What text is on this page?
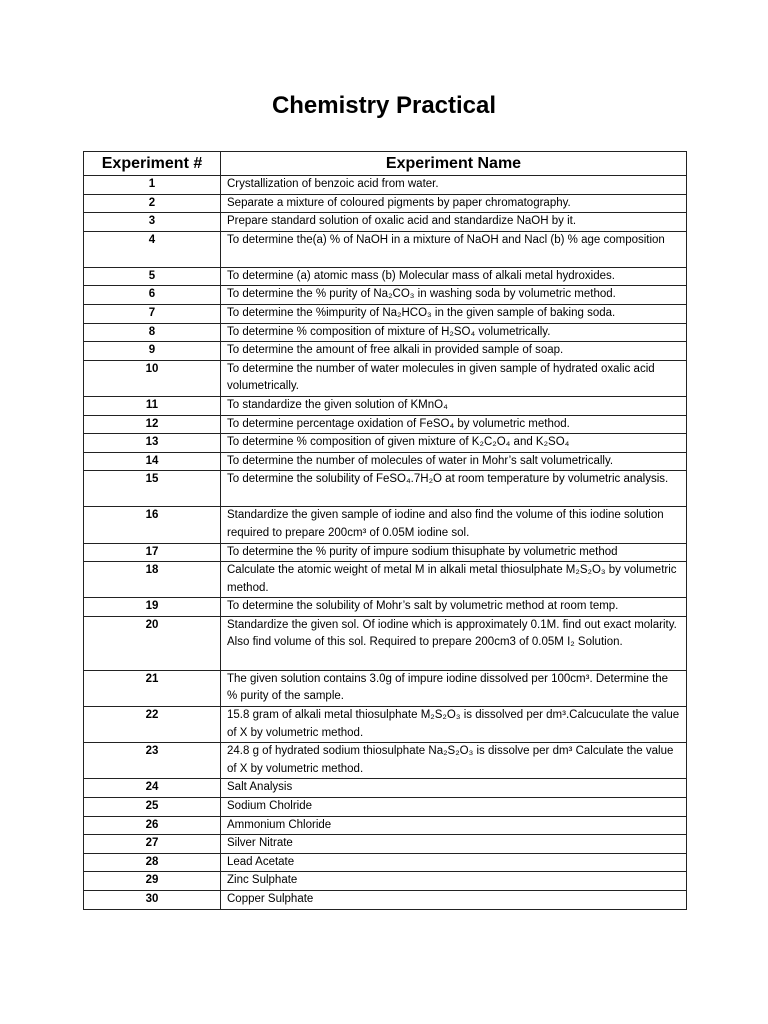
Chemistry Practical
Experiment #	Experiment Name
1	Crystallization of benzoic acid from water.
2	Separate a mixture of coloured pigments by paper chromatography.
3	Prepare standard solution of oxalic acid and standardize NaOH by it.
4	To determine the(a) % of NaOH in a mixture of NaOH and Nacl (b) % age composition
5	To determine (a) atomic mass (b) Molecular mass of alkali metal hydroxides.
6	To determine the % purity of Na₂CO₃ in washing soda by volumetric method.
7	To determine the %impurity of Na₂HCO₃ in the given sample of baking soda.
8	To determine % composition of mixture of H₂SO₄ volumetrically.
9	To determine the amount of free alkali in provided sample of soap.
10	To determine the number of water molecules in given sample of hydrated oxalic acid volumetrically.
11	To standardize the given solution of KMnO₄
12	To determine percentage oxidation of FeSO₄ by volumetric method.
13	To determine % composition of given mixture of K₂C₂O₄ and K₂SO₄
14	To determine the number of molecules of water in Mohr’s salt volumetrically.
15	To determine the solubility of FeSO₄.7H₂O at room temperature by volumetric analysis.
16	Standardize the given sample of iodine and also find the volume of this iodine solution required to prepare 200cm³ of 0.05M iodine sol.
17	To determine the % purity of impure sodium thisuphate by volumetric method
18	Calculate the atomic weight of metal M in alkali metal thiosulphate M₂S₂O₃ by volumetric method.
19	To determine the solubility of Mohr’s salt by volumetric method at room temp.
20	Standardize the given sol. Of iodine which is approximately 0.1M. find out exact molarity. Also find volume of this sol. Required to prepare 200cm3 of 0.05M I₂ Solution.
21	The given solution contains 3.0g of impure iodine dissolved per 100cm³. Determine the % purity of the sample.
22	15.8 gram of alkali metal thiosulphate M₂S₂O₃ is dissolved per dm³.Calcuculate the value of X by volumetric method.
23	24.8 g of hydrated sodium thiosulphate Na₂S₂O₃ is dissolve per dm³ Calculate the value of X by volumetric method.
24	Salt Analysis
25	Sodium Cholride
26	Ammonium Chloride
27	Silver Nitrate
28	Lead Acetate
29	Zinc Sulphate
30	Copper Sulphate
